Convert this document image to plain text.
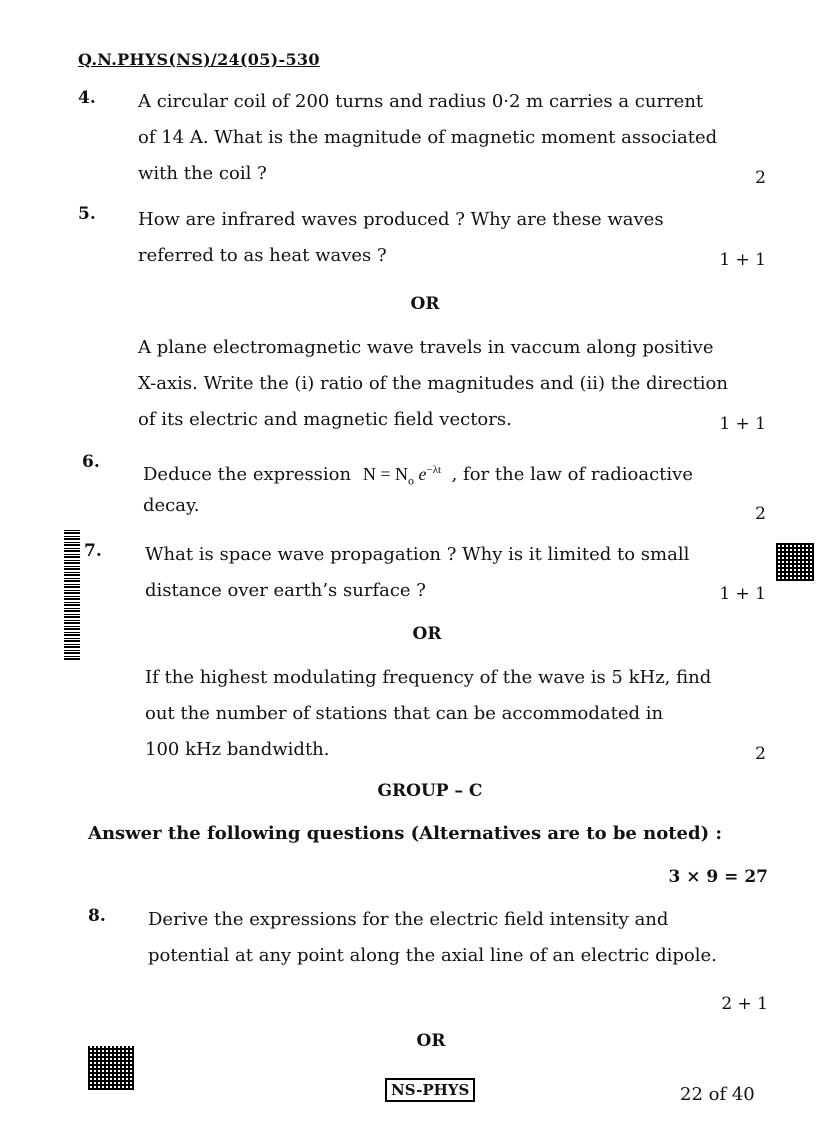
Q.N.PHYS(NS)/24(05)-530
4. A circular coil of 200 turns and radius 0·2 m carries a current
of 14 A. What is the magnitude of magnetic moment associated
with the coil ?	2
5. How are infrared waves produced ? Why are these waves
referred to as heat waves ?	1 + 1
OR
A plane electromagnetic wave travels in vaccum along positive
X-axis. Write the (i) ratio of the magnitudes and (ii) the direction
of its electric and magnetic field vectors.	1 + 1
6.
Deduce the expression $N = N_o$ $e^{-\lambda t}$ , for the law of radioactive
decay.	2
7. What is space wave propagation ? Why is it limited to small
distance over earth’s surface ?	1 + 1
OR
If the highest modulating frequency of the wave is 5 kHz, find
out the number of stations that can be accommodated in
100 kHz bandwidth.	2
GROUP – C
Answer the following questions (Alternatives are to be noted) :
3 × 9 = 27
8. Derive the expressions for the electric field intensity and
potential at any point along the axial line of an electric dipole.
2 + 1
OR
NS-PHYS	22 of 40
